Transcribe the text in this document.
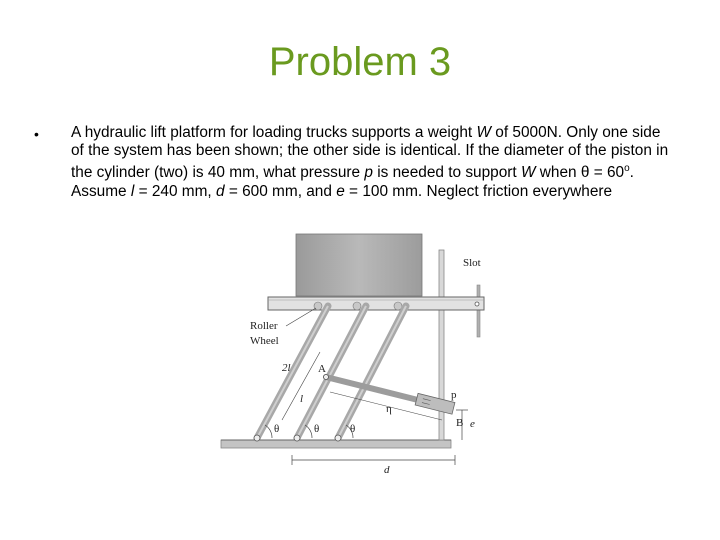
Problem 3
• A hydraulic lift platform for loading trucks supports a weight W of 5000N. Only one side of the system has been shown; the other side is identical. If the diameter of the piston in the cylinder (two) is 40 mm, what pressure p is needed to support W when $\theta = 60^o$. Assume l = 240 mm, d = 600 mm, and e = 100 mm. Neglect friction everywhere
Slot
Roller
Wheel
2l
l
A
η
p
B e
d
θ	θ	θ
